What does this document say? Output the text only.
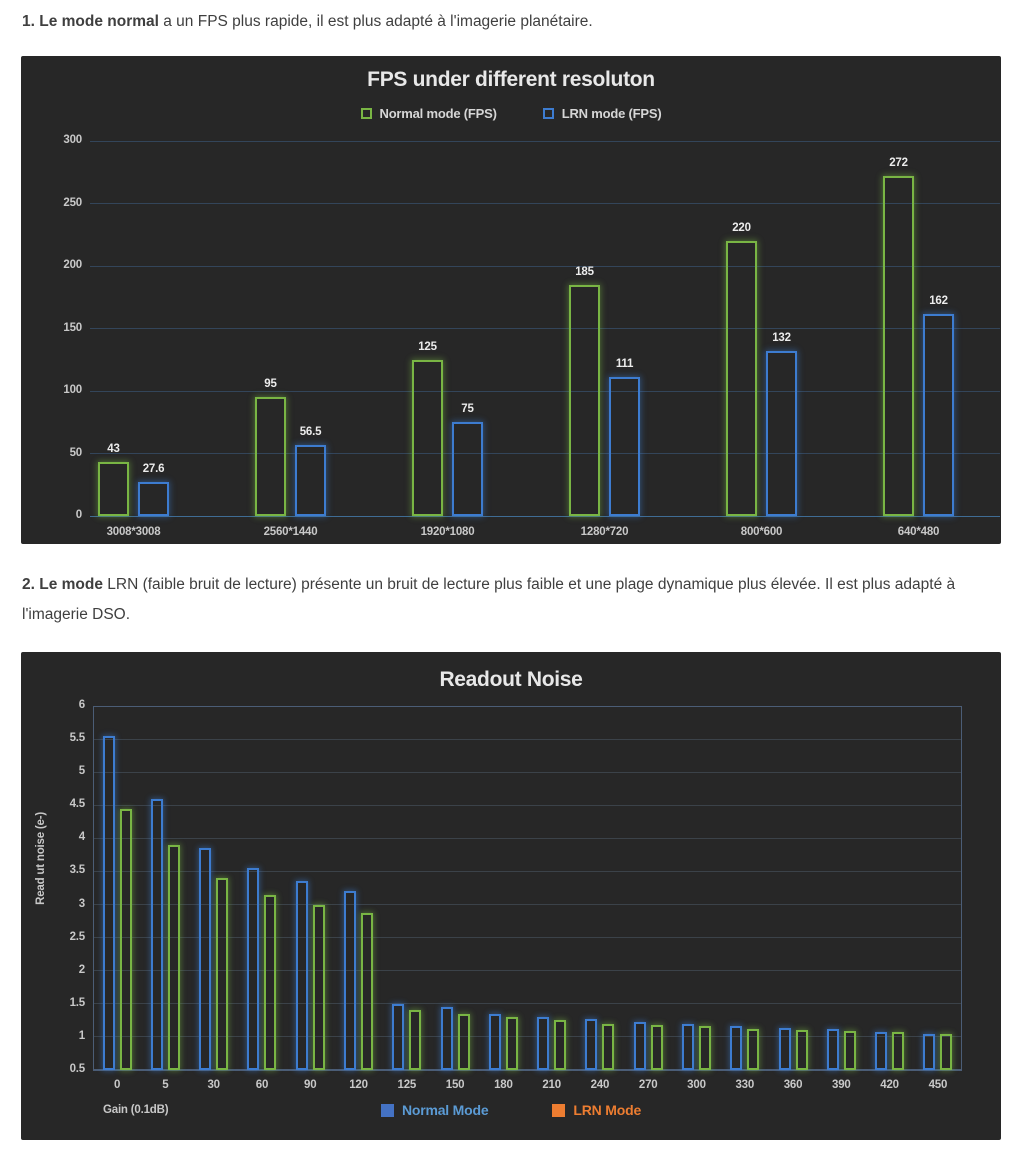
1. Le mode normal a un FPS plus rapide, il est plus adapté à l'imagerie planétaire.

FPS under different resoluton
Normal mode (FPS)	LRN mode (FPS)
0
50
100
150
200
250
300
43
27.6
3008*3008
95
56.5
2560*1440
125
75
1920*1080
185
111
1280*720
220
132
800*600
272
162
640*480

2. Le mode LRN (faible bruit de lecture) présente un bruit de lecture plus faible et une plage dynamique plus élevée. Il est plus adapté à l'imagerie DSO.

Readout Noise
Read ut noise (e-)
Gain (0.1dB)	Normal Mode	LRN Mode
0.5
1
1.5
2
2.5
3
3.5
4
4.5
5
5.5
6
0	5	30	60	90	120	125	150	180	210	240	270	300	330	360	390	420	450
